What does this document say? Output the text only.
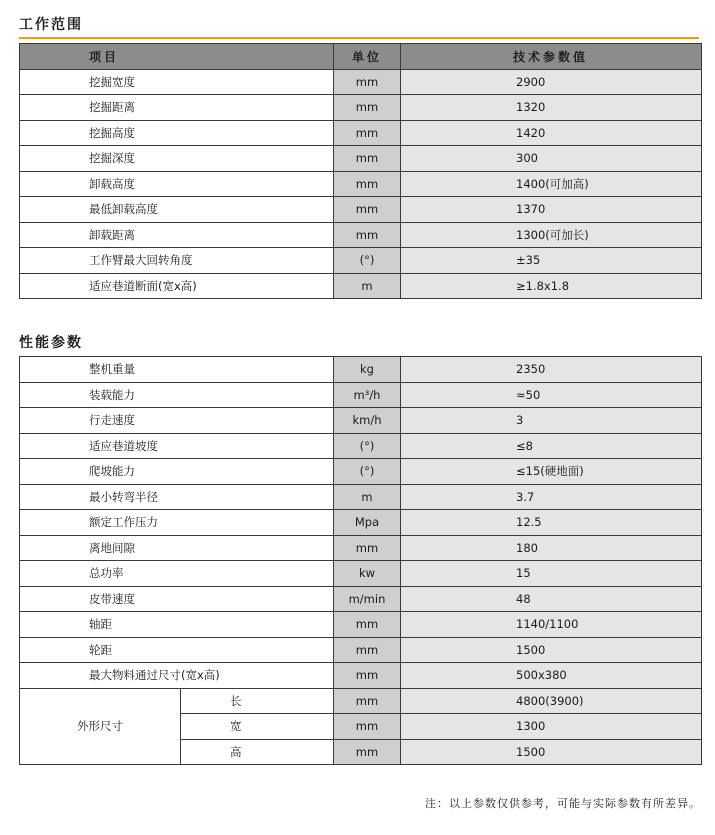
工作范围
项目	单位	技术参数值
挖掘宽度	mm	2900
挖掘距离	mm	1320
挖掘高度	mm	1420
挖掘深度	mm	300
卸载高度	mm	1400(可加高)
最低卸载高度	mm	1370
卸载距离	mm	1300(可加长)
工作臂最大回转角度	(°)	±35
适应巷道断面(宽x高)	m	≥1.8x1.8
性能参数
整机重量		kg	2350
装载能力		m³/h	≈50
行走速度		km/h	3
适应巷道坡度		(°)	≤8
爬坡能力		(°)	≤15(硬地面)
最小转弯半径		m	3.7
额定工作压力		Mpa	12.5
离地间隙		mm	180
总功率		kw	15
皮带速度		m/min	48
轴距		mm	1140/1100
轮距		mm	1500
最大物料通过尺寸(宽x高)		mm	500x380
外形尺寸	长	mm	4800(3900)
	宽	mm	1300
	高	mm	1500
注：以上参数仅供参考，可能与实际参数有所差异。
